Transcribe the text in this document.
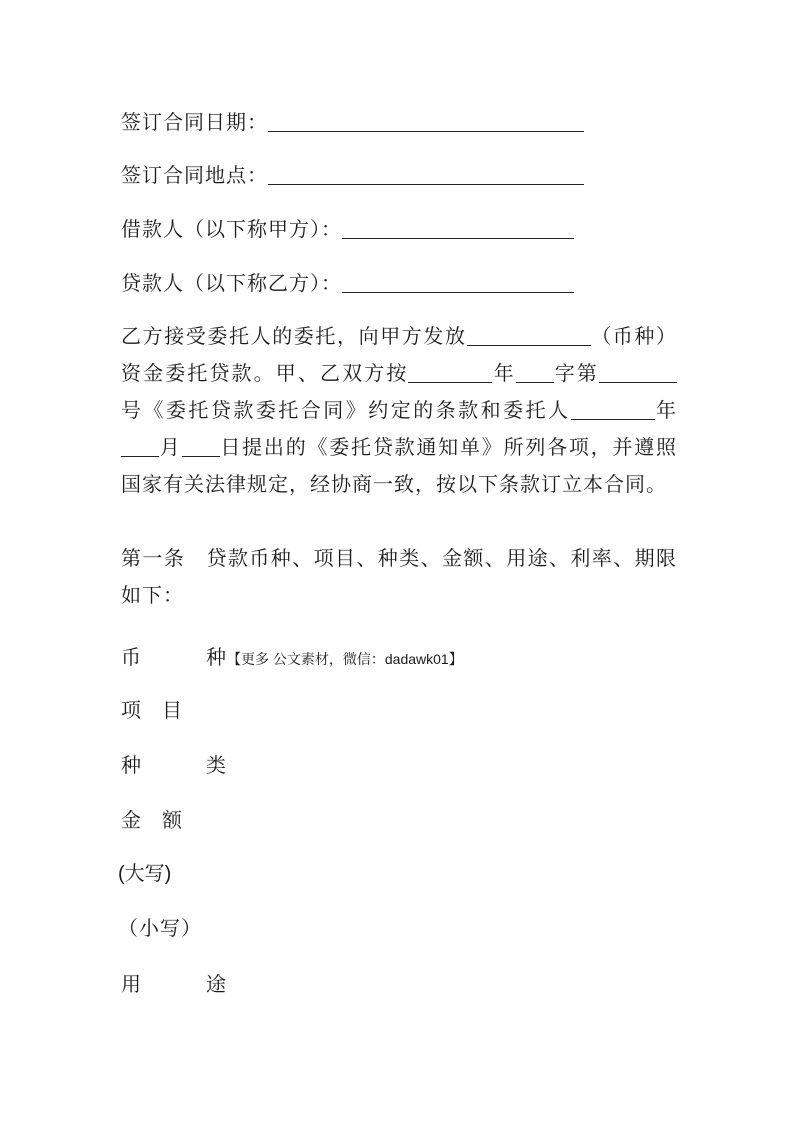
签订合同日期：
签订合同地点：
借款人（以下称甲方）：
贷款人（以下称乙方）：
乙方接受委托人的委托，向甲方发放	（币种）
资金委托贷款。甲、乙双方按	年 字第
号《委托贷款委托合同》约定的条款和委托人	年
月 日提出的《委托贷款通知单》所列各项，并遵照
国家有关法律规定，经协商一致，按以下条款订立本合同。
第一条　贷款币种、项目、种类、金额、用途、利率、期限
如下：
币	种【更多 公文素材，微信：dadawk01】
项 目
种	类
金 额
(大写)
（小写）
用	途
